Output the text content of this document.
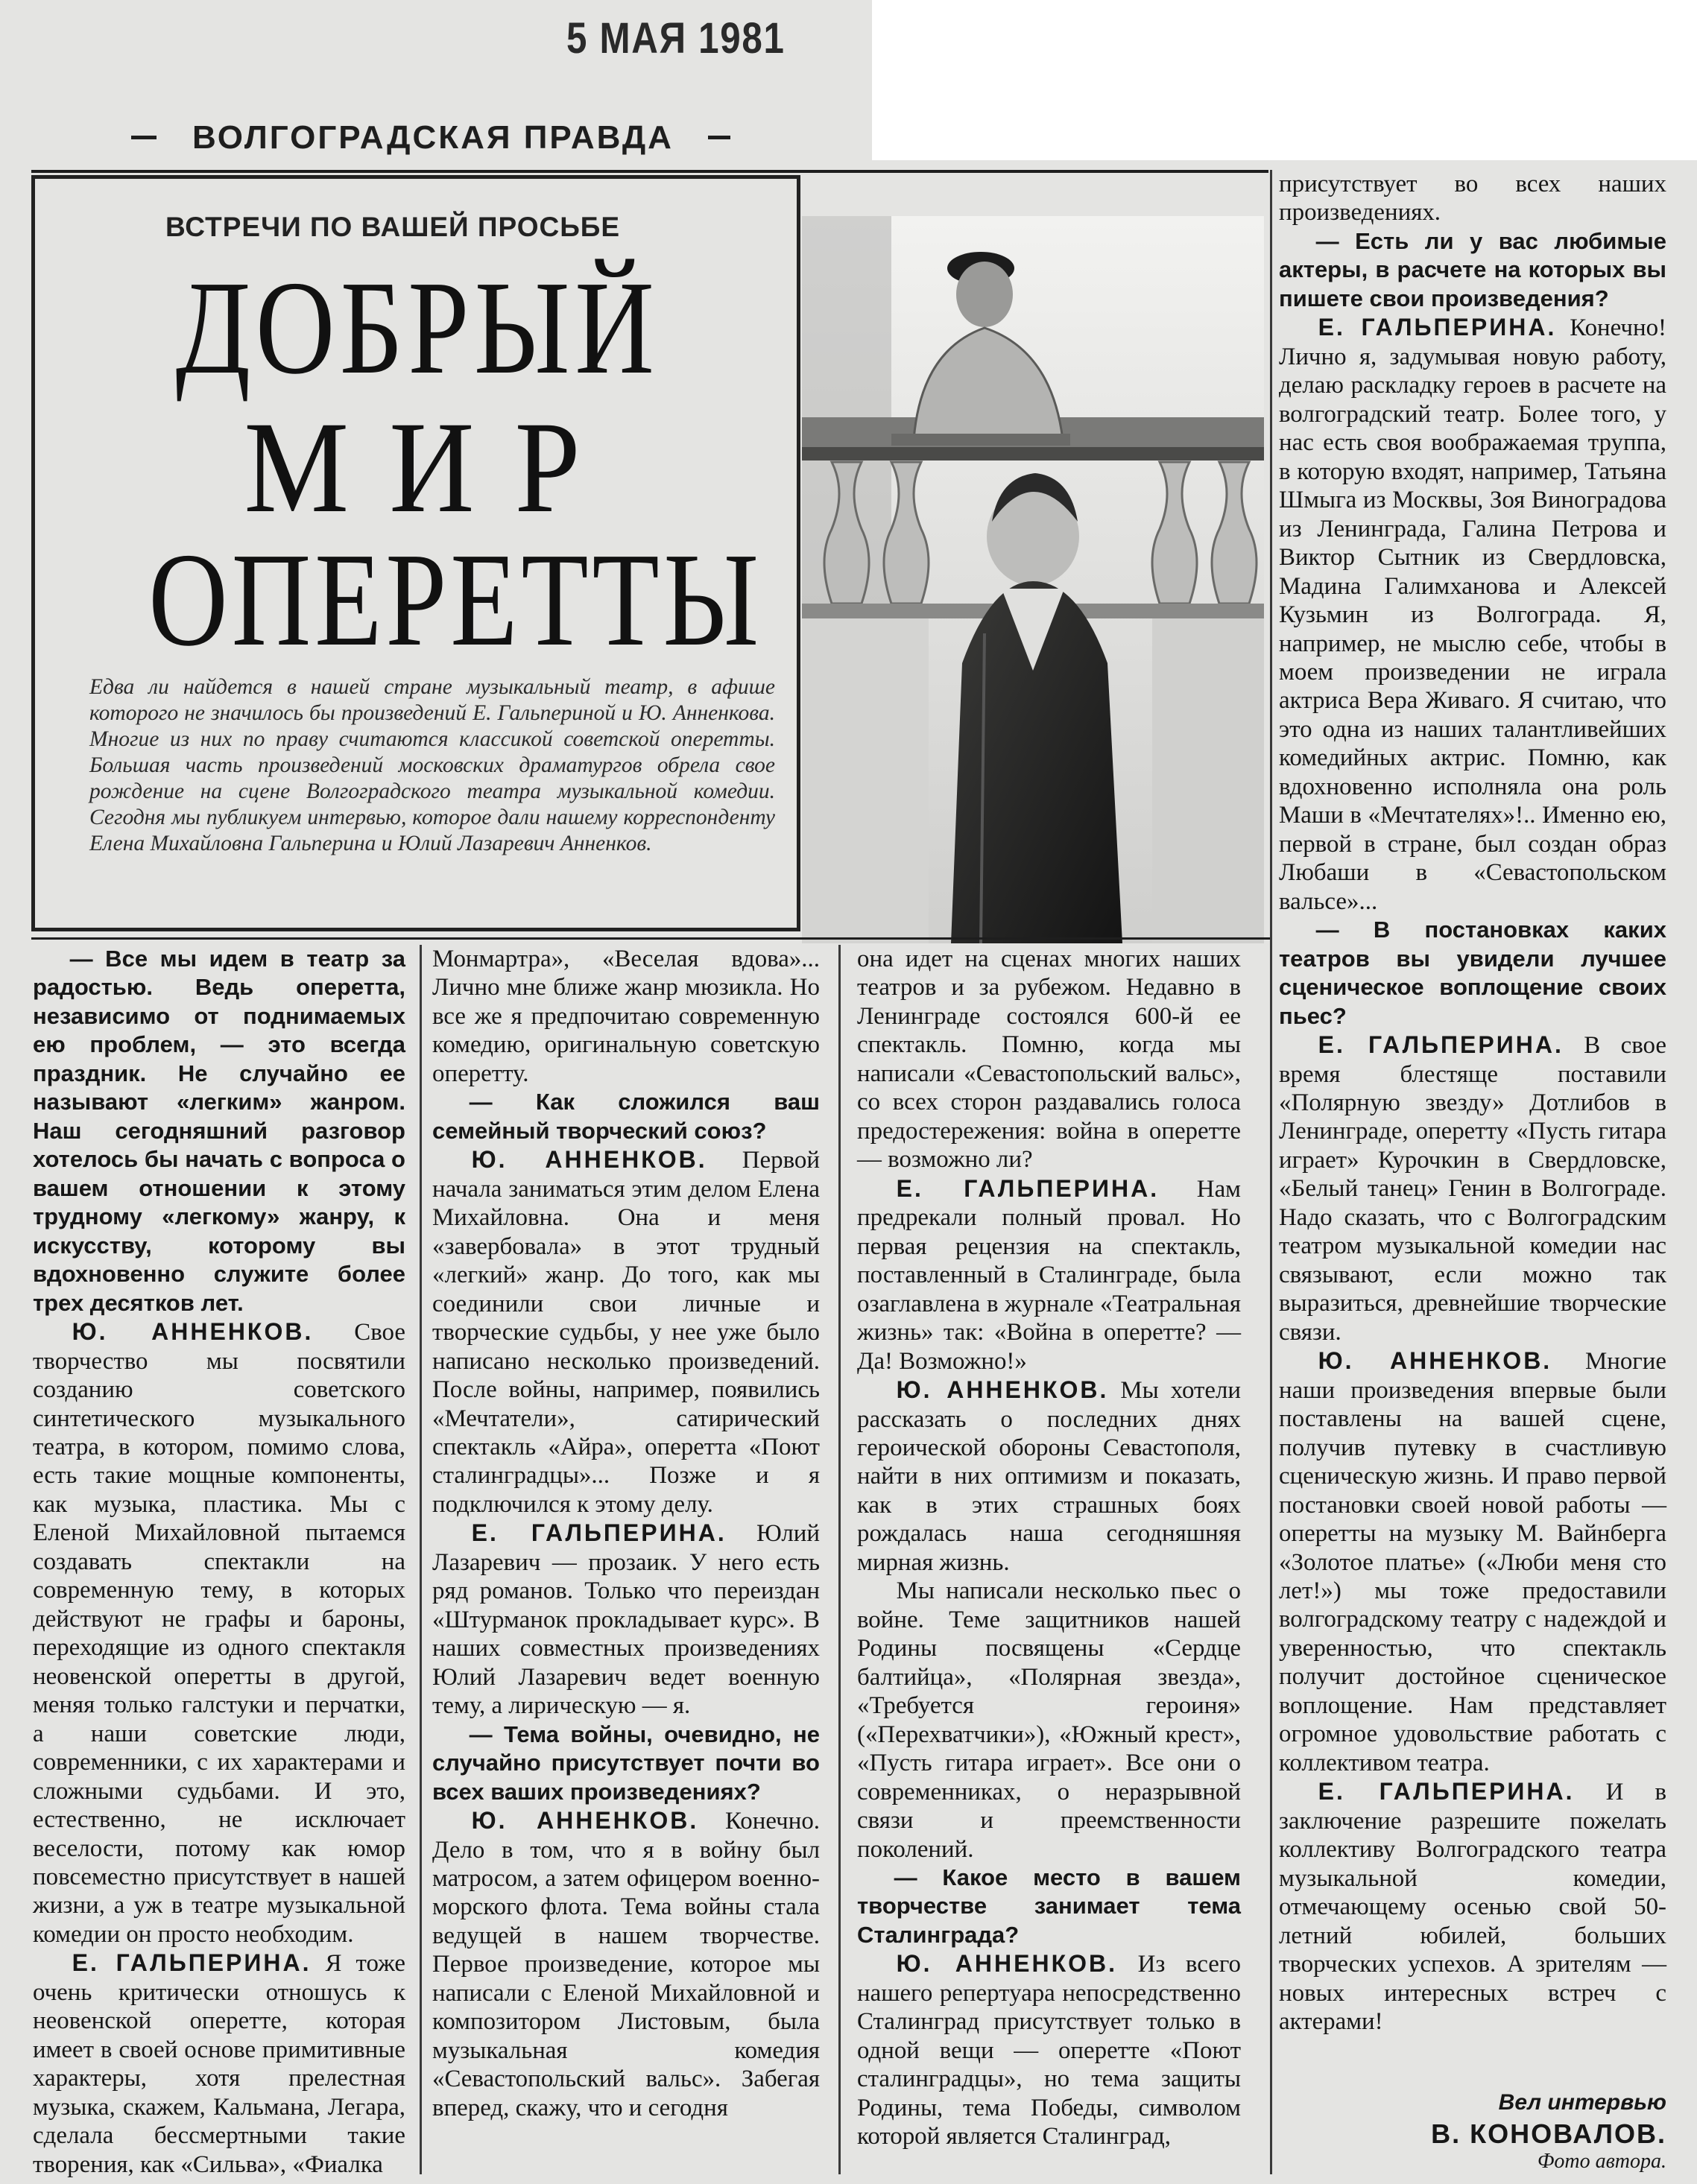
5 МАЯ 1981
ВОЛГОГРАДСКАЯ ПРАВДА
ВСТРЕЧИ ПО ВАШЕЙ ПРОСЬБЕ
ДОБРЫЙ
МИР
ОПЕРЕТТЫ
Едва ли найдется в нашей стране музыкальный театр, в афише которого не значилось бы произведений Е. Гальпериной и Ю. Анненкова. Многие из них по праву считаются классикой советской оперетты. Большая часть произведений московских драматургов обрела свое рождение на сцене Волгоградского театра музыкальной комедии. Сегодня мы публикуем интервью, которое дали нашему корреспонденту Елена Михайловна Гальперина и Юлий Лазаревич Анненков.

— Все мы идем в театр за радостью. Ведь оперетта, независимо от поднимаемых ею проблем, — это всегда праздник. Не случайно ее называют «легким» жанром. Наш сегодняшний разговор хотелось бы начать с вопроса о вашем отношении к этому трудному «легкому» жанру, к искусству, которому вы вдохновенно служите более трех десятков лет.

Ю. АННЕНКОВ. Свое творчество мы посвятили созданию советского синтетического музыкального театра, в котором, помимо слова, есть такие мощные компоненты, как музыка, пластика. Мы с Еленой Михайловной пытаемся создавать спектакли на современную тему, в которых действуют не графы и бароны, переходящие из одного спектакля неовенской оперетты в другой, меняя только галстуки и перчатки, а наши советские люди, современники, с их характерами и сложными судьбами. И это, естественно, не исключает веселости, потому как юмор повсеместно присутствует в нашей жизни, а уж в театре музыкальной комедии он просто необходим.

Е. ГАЛЬПЕРИНА. Я тоже очень критически отношусь к неовенской оперетте, которая имеет в своей основе примитивные характеры, хотя прелестная музыка, скажем, Кальмана, Легара, сделала бессмертными такие творения, как «Сильва», «Фиалка

Монмартра», «Веселая вдова»... Лично мне ближе жанр мюзикла. Но все же я предпочитаю современную комедию, оригинальную советскую оперетту.

— Как сложился ваш семейный творческий союз?

Ю. АННЕНКОВ. Первой начала заниматься этим делом Елена Михайловна. Она и меня «завербовала» в этот трудный «легкий» жанр. До того, как мы соединили свои личные и творческие судьбы, у нее уже было написано несколько произведений. После войны, например, появились «Мечтатели», сатирический спектакль «Айра», оперетта «Поют сталинградцы»... Позже и я подключился к этому делу.

Е. ГАЛЬПЕРИНА. Юлий Лазаревич — прозаик. У него есть ряд романов. Только что переиздан «Штурманок прокладывает курс». В наших совместных произведениях Юлий Лазаревич ведет военную тему, а лирическую — я.

— Тема войны, очевидно, не случайно присутствует почти во всех ваших произведениях?

Ю. АННЕНКОВ. Конечно. Дело в том, что я в войну был матросом, а затем офицером военно-морского флота. Тема войны стала ведущей в нашем творчестве. Первое произведение, которое мы написали с Еленой Михайловной и композитором Листовым, была музыкальная комедия «Севастопольский вальс». Забегая вперед, скажу, что и сегодня

она идет на сценах многих наших театров и за рубежом. Недавно в Ленинграде состоялся 600-й ее спектакль. Помню, когда мы написали «Севастопольский вальс», со всех сторон раздавались голоса предостережения: война в оперетте — возможно ли?

Е. ГАЛЬПЕРИНА. Нам предрекали полный провал. Но первая рецензия на спектакль, поставленный в Сталинграде, была озаглавлена в журнале «Театральная жизнь» так: «Война в оперетте? — Да! Возможно!»

Ю. АННЕНКОВ. Мы хотели рассказать о последних днях героической обороны Севастополя, найти в них оптимизм и показать, как в этих страшных боях рождалась наша сегодняшняя мирная жизнь.

Мы написали несколько пьес о войне. Теме защитников нашей Родины посвящены «Сердце балтийца», «Полярная звезда», «Требуется героиня» («Перехватчики»), «Южный крест», «Пусть гитара играет». Все они о современниках, о неразрывной связи и преемственности поколений.

— Какое место в вашем творчестве занимает тема Сталинграда?

Ю. АННЕНКОВ. Из всего нашего репертуара непосредственно Сталинград присутствует только в одной вещи — оперетте «Поют сталинградцы», но тема защиты Родины, тема Победы, символом которой является Сталинград,

присутствует во всех наших произведениях.

— Есть ли у вас любимые актеры, в расчете на которых вы пишете свои произведения?

Е. ГАЛЬПЕРИНА. Конечно! Лично я, задумывая новую работу, делаю раскладку героев в расчете на волгоградский театр. Более того, у нас есть своя воображаемая труппа, в которую входят, например, Татьяна Шмыга из Москвы, Зоя Виноградова из Ленинграда, Галина Петрова и Виктор Сытник из Свердловска, Мадина Галимханова и Алексей Кузьмин из Волгограда. Я, например, не мыслю себе, чтобы в моем произведении не играла актриса Вера Живаго. Я считаю, что это одна из наших талантливейших комедийных актрис. Помню, как вдохновенно исполняла она роль Маши в «Мечтателях»!.. Именно ею, первой в стране, был создан образ Любаши в «Севастопольском вальсе»...

— В постановках каких театров вы увидели лучшее сценическое воплощение своих пьес?

Е. ГАЛЬПЕРИНА. В свое время блестяще поставили «Полярную звезду» Дотлибов в Ленинграде, оперетту «Пусть гитара играет» Курочкин в Свердловске, «Белый танец» Генин в Волгограде. Надо сказать, что с Волгоградским театром музыкальной комедии нас связывают, если можно так выразиться, древнейшие творческие связи.

Ю. АННЕНКОВ. Многие наши произведения впервые были поставлены на вашей сцене, получив путевку в счастливую сценическую жизнь. И право первой постановки своей новой работы — оперетты на музыку М. Вайнберга «Золотое платье» («Люби меня сто лет!») мы тоже предоставили волгоградскому театру с надеждой и уверенностью, что спектакль получит достойное сценическое воплощение. Нам представляет огромное удовольствие работать с коллективом театра.

Е. ГАЛЬПЕРИНА. И в заключение разрешите пожелать коллективу Волгоградского театра музыкальной комедии, отмечающему осенью свой 50-летний юбилей, больших творческих успехов. А зрителям — новых интересных встреч с актерами!

Вел интервью
В. КОНОВАЛОВ.
Фото автора.
